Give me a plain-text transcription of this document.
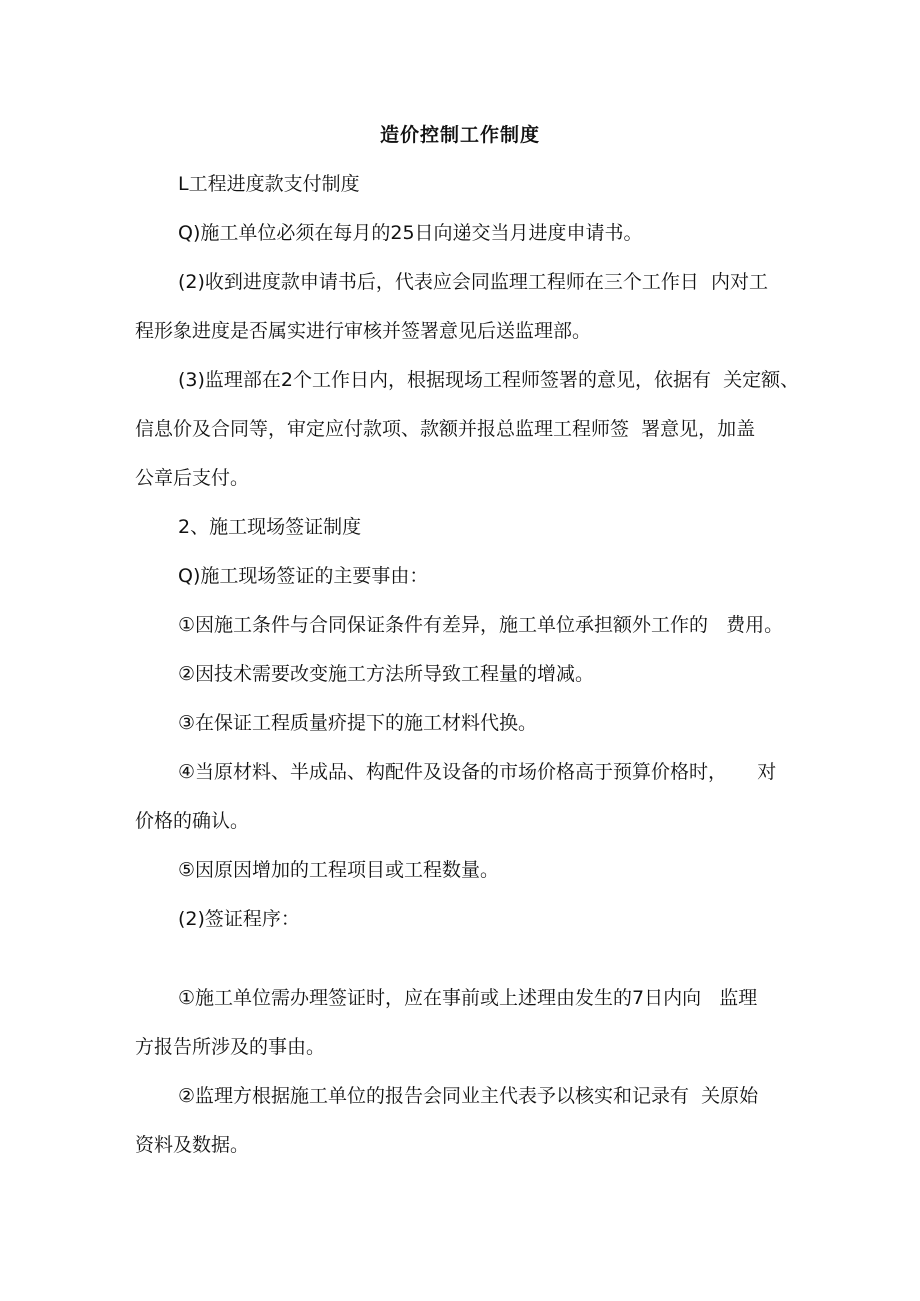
造价控制工作制度
L工程进度款支付制度
Q)施工单位必须在每月的25日向递交当月进度申请书。
(2)收到进度款申请书后，代表应会同监理工程师在三个工作日  内对工
程形象进度是否属实进行审核并签署意见后送监理部。
(3)监理部在2个工作日内，根据现场工程师签署的意见，依据有  关定额、
信息价及合同等，审定应付款项、款额并报总监理工程师签  署意见，加盖
公章后支付。
2、施工现场签证制度
Q)施工现场签证的主要事由：
①因施工条件与合同保证条件有差异，施工单位承担额外工作的   费用。
②因技术需要改变施工方法所导致工程量的增减。
③在保证工程质量疥提下的施工材料代换。
④当原材料、半成品、构配件及设备的市场价格高于预算价格时，     对
价格的确认。
⑤因原因增加的工程项目或工程数量。
(2)签证程序：
①施工单位需办理签证时，应在事前或上述理由发生的7日内向   监理
方报告所涉及的事由。
②监理方根据施工单位的报告会同业主代表予以核实和记录有  关原始
资料及数据。
